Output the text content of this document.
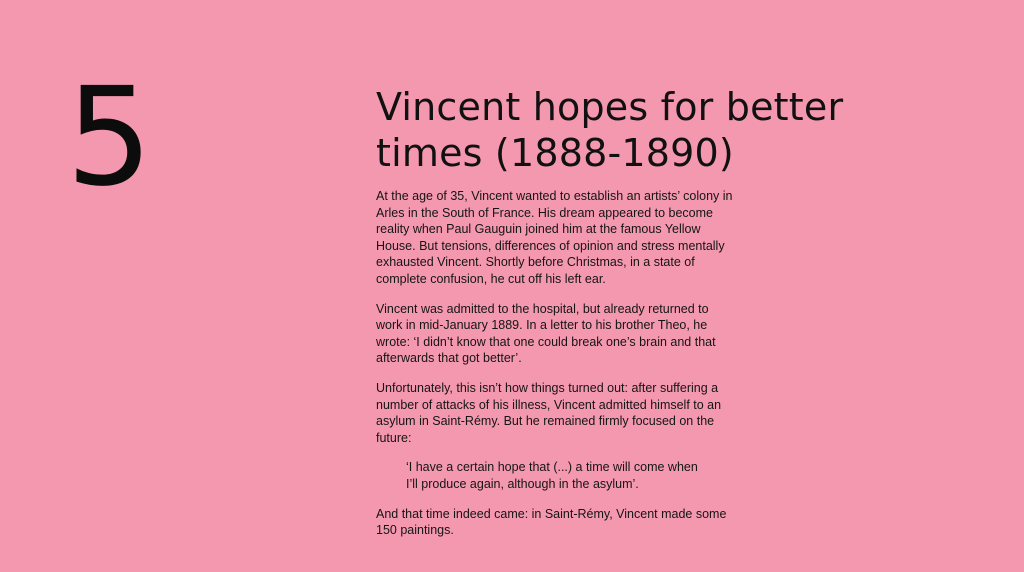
5	Vincent hopes for better times (1888-1890)

At the age of 35, Vincent wanted to establish an artists’ colony in Arles in the South of France. His dream appeared to become reality when Paul Gauguin joined him at the famous Yellow House. But tensions, differences of opinion and stress mentally exhausted Vincent. Shortly before Christmas, in a state of complete confusion, he cut off his left ear.

Vincent was admitted to the hospital, but already returned to work in mid-January 1889. In a letter to his brother Theo, he wrote: ‘I didn’t know that one could break one’s brain and that afterwards that got better’.

Unfortunately, this isn’t how things turned out: after suffering a number of attacks of his illness, Vincent admitted himself to an asylum in Saint-Rémy. But he remained firmly focused on the future:

‘I have a certain hope that (...) a time will come when I’ll produce again, although in the asylum’.

And that time indeed came: in Saint-Rémy, Vincent made some 150 paintings.
